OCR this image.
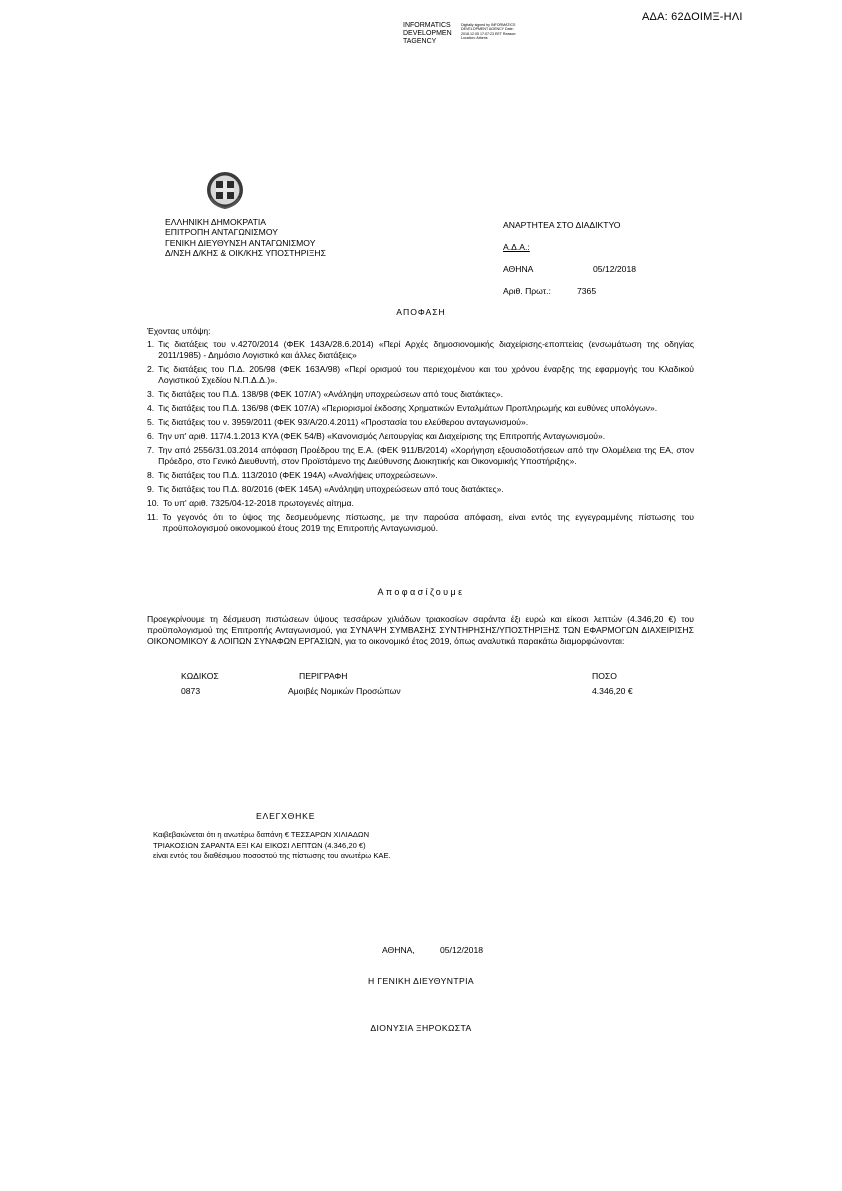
ΑΔΑ: 62ΔΟΙΜΞ-ΗΛΙ
INFORMATICS
DEVELOPMEN
TAGENCY
Digitally signed by INFORMATICS DEVELOPMENT AGENCY Date: 2018.12.05 17:07:23 EET Reason: Location: Athens
ΕΛΛΗΝΙΚΗ ΔΗΜΟΚΡΑΤΙΑ
ΕΠΙΤΡΟΠΗ ΑΝΤΑΓΩΝΙΣΜΟΥ
ΓΕΝΙΚΗ ΔΙΕΥΘΥΝΣΗ ΑΝΤΑΓΩΝΙΣΜΟΥ
Δ/ΝΣΗ Δ/ΚΗΣ & ΟΙΚ/ΚΗΣ ΥΠΟΣΤΗΡΙΞΗΣ
ΑΝΑΡΤΗΤΕΑ ΣΤΟ ΔΙΑΔΙΚΤΥΟ
Α.Δ.Α.:
ΑΘΗΝΑ	05/12/2018
Αριθ. Πρωτ.:	7365
ΑΠΟΦΑΣΗ
Έχοντας υπόψη:
1. Τις διατάξεις του ν.4270/2014 (ΦΕΚ 143Α/28.6.2014) «Περί Αρχές δημοσιονομικής διαχείρισης-εποπτείας (ενσωμάτωση της οδηγίας 2011/1985) - Δημόσιο Λογιστικό και άλλες διατάξεις»
2. Τις διατάξεις του Π.Δ. 205/98 (ΦΕΚ 163Α/98) «Περί ορισμού του περιεχομένου και του χρόνου έναρξης της εφαρμογής του Κλαδικού Λογιστικού Σχεδίου Ν.Π.Δ.Δ.)».
3. Τις διατάξεις του Π.Δ. 138/98 (ΦΕΚ 107/Α') «Ανάληψη υποχρεώσεων από τους διατάκτες».
4. Τις διατάξεις του Π.Δ. 136/98 (ΦΕΚ 107/Α) «Περιορισμοί έκδοσης Χρηματικών Ενταλμάτων Προπληρωμής και ευθύνες υπολόγων».
5. Τις διατάξεις του ν. 3959/2011 (ΦΕΚ 93/Α/20.4.2011) «Προστασία του ελεύθερου ανταγωνισμού».
6. Την υπ' αριθ. 117/4.1.2013 ΚΥΑ (ΦΕΚ 54/Β) «Κανονισμός Λειτουργίας και Διαχείρισης της Επιτροπής Ανταγωνισμού».
7. Την από 2556/31.03.2014 απόφαση Προέδρου της Ε.Α. (ΦΕΚ 911/Β/2014) «Χορήγηση εξουσιοδοτήσεων από την Ολομέλεια της ΕΑ, στον Πρόεδρο, στο Γενικό Διευθυντή, στον Προϊστάμενο της Διεύθυνσης Διοικητικής και Οικονομικής Υποστήριξης».
8. Τις διατάξεις του Π.Δ. 113/2010 (ΦΕΚ 194Α) «Αναλήψεις υποχρεώσεων».
9. Τις διατάξεις του Π.Δ. 80/2016 (ΦΕΚ 145Α) «Ανάληψη υποχρεώσεων από τους διατάκτες».
10. Το υπ' αριθ. 7325/04-12-2018 πρωτογενές αίτημα.
11. Το γεγονός ότι το ύψος της δεσμευόμενης πίστωσης, με την παρούσα απόφαση, είναι εντός της εγγεγραμμένης πίστωσης του προϋπολογισμού οικονομικού έτους 2019 της Επιτροπής Ανταγωνισμού.
Αποφασίζουμε
Προεγκρίνουμε τη δέσμευση πιστώσεων ύψους τεσσάρων χιλιάδων τριακοσίων σαράντα έξι ευρώ και είκοσι λεπτών (4.346,20 €) του προϋπολογισμού της Επιτροπής Ανταγωνισμού, για ΣΥΝΑΨΗ ΣΥΜΒΑΣΗΣ ΣΥΝΤΗΡΗΣΗΣ/ΥΠΟΣΤΗΡΙΞΗΣ ΤΩΝ ΕΦΑΡΜΟΓΩΝ ΔΙΑΧΕΙΡΙΣΗΣ ΟΙΚΟΝΟΜΙΚΟΥ & ΛΟΙΠΩΝ ΣΥΝΑΦΩΝ ΕΡΓΑΣΙΩΝ, για το οικονομικό έτος 2019, όπως αναλυτικά παρακάτω διαμορφώνονται:
ΚΩΔΙΚΟΣ	ΠΕΡΙΓΡΑΦΗ	ΠΟΣΟ
0873	Αμοιβές Νομικών Προσώπων	4.346,20 €
ΕΛΕΓΧΘΗΚΕ
Καιβεβαιώνεται ότι η ανωτέρω δαπάνη € ΤΕΣΣΑΡΩΝ ΧΙΛΙΑΔΩΝ
ΤΡΙΑΚΟΣΙΩΝ ΣΑΡΑΝΤΑ ΕΞΙ ΚΑΙ ΕΙΚΟΣΙ ΛΕΠΤΩΝ (4.346,20 €)
είναι εντός του διαθέσιμου ποσοστού της πίστωσης του ανωτέρω ΚΑΕ.
ΑΘΗΝΑ,	05/12/2018
Η ΓΕΝΙΚΗ ΔΙΕΥΘΥΝΤΡΙΑ
ΔΙΟΝΥΣΙΑ ΞΗΡΟΚΩΣΤΑ
